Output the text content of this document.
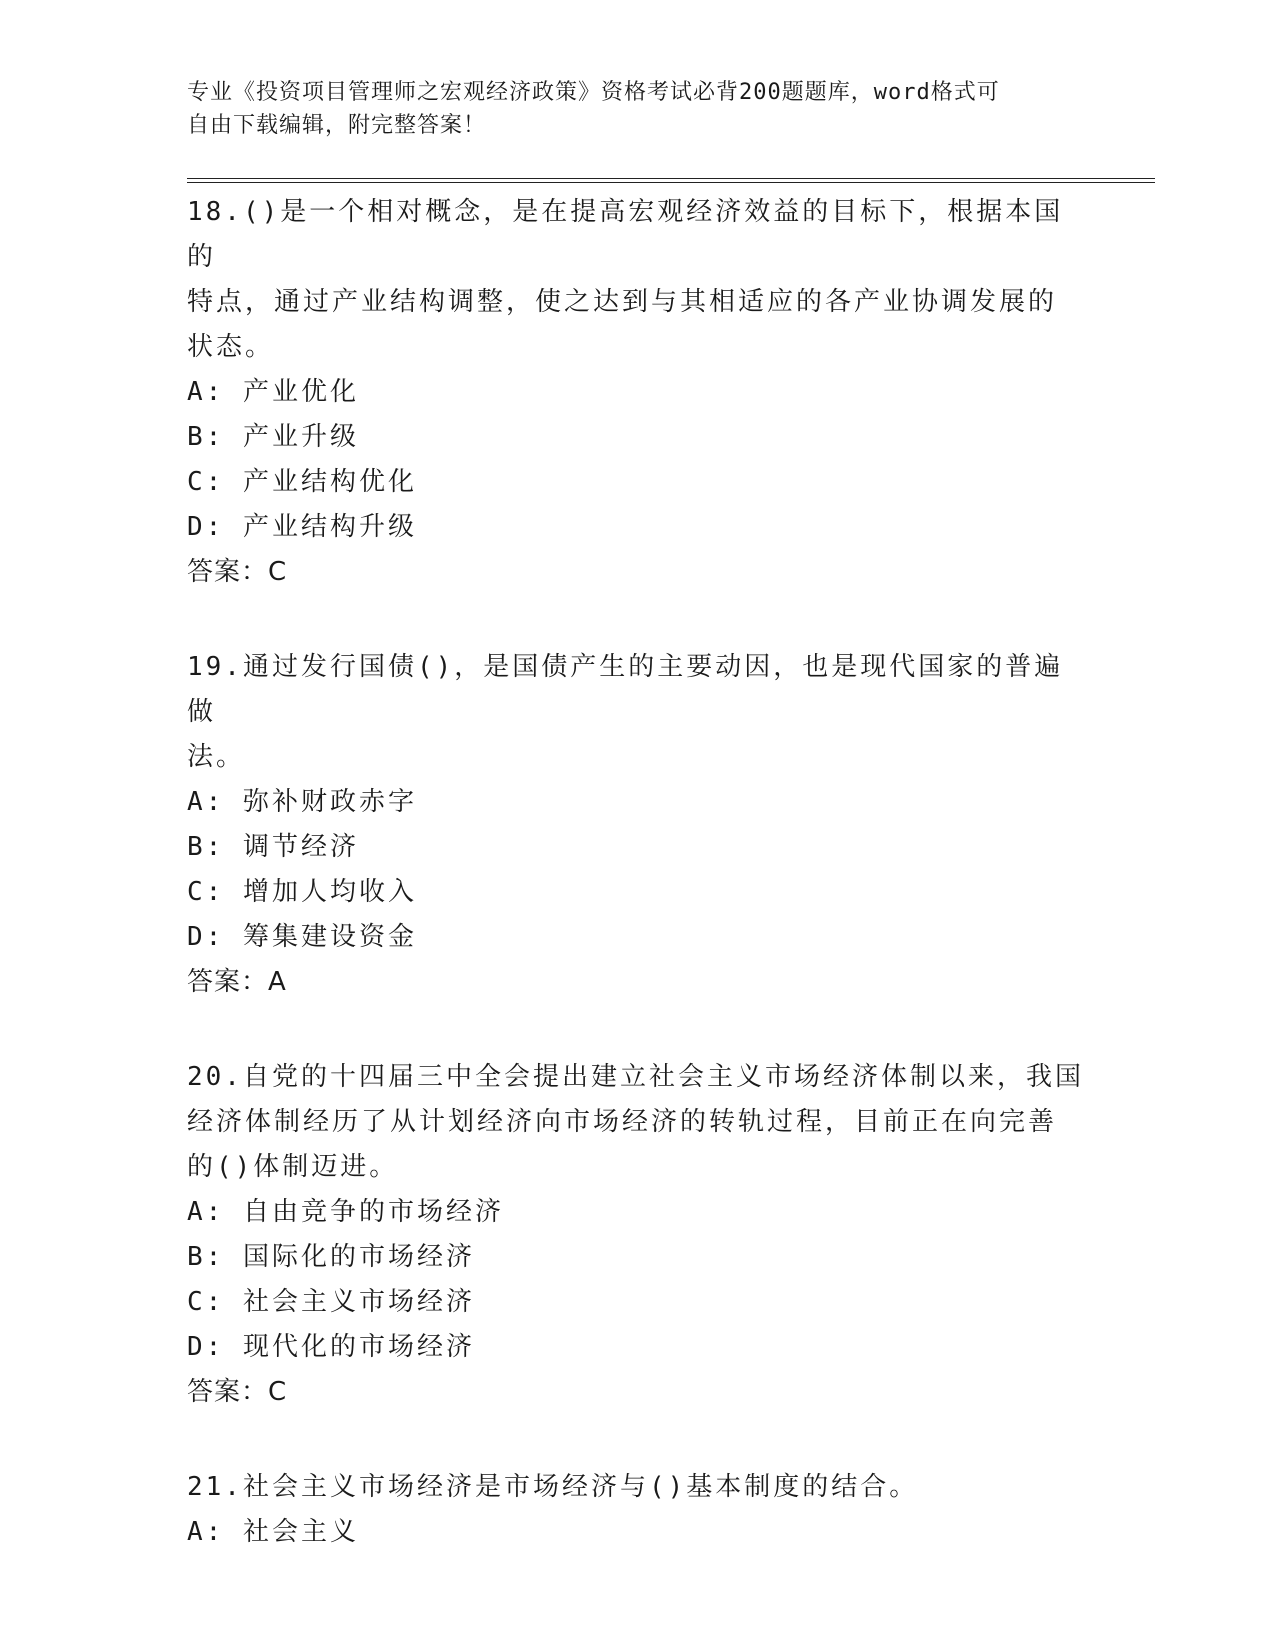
专业《投资项目管理师之宏观经济政策》资格考试必背200题题库，word格式可
自由下载编辑，附完整答案！

18.()是一个相对概念，是在提高宏观经济效益的目标下，根据本国的
特点，通过产业结构调整，使之达到与其相适应的各产业协调发展的
状态。

A: 产业优化

B: 产业升级

C: 产业结构优化

D: 产业结构升级

答案：C

19.通过发行国债()，是国债产生的主要动因，也是现代国家的普遍做
法。

A: 弥补财政赤字

B: 调节经济

C: 增加人均收入

D: 筹集建设资金

答案：A

20.自党的十四届三中全会提出建立社会主义市场经济体制以来，我国
经济体制经历了从计划经济向市场经济的转轨过程，目前正在向完善
的()体制迈进。

A: 自由竞争的市场经济

B: 国际化的市场经济

C: 社会主义市场经济

D: 现代化的市场经济

答案：C

21.社会主义市场经济是市场经济与()基本制度的结合。

A: 社会主义
